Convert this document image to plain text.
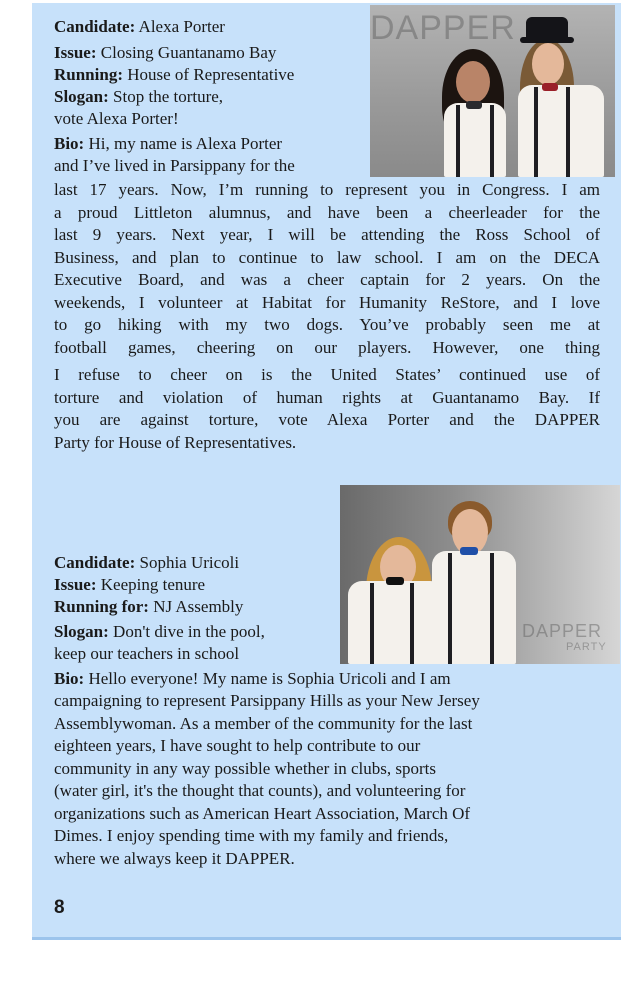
DAPPER

Candidate: Alexa Porter

Issue: Closing Guantanamo Bay

Running: House of Representative

Slogan: Stop the torture,

vote Alexa Porter!

Bio: Hi, my name is Alexa Porter

and I’ve lived in Parsippany for the

last 17 years. Now, I’m running to represent you in Congress. I am
a proud Littleton alumnus, and have been a cheerleader for the
last 9 years. Next year, I will be attending the Ross School of
Business, and plan to continue to law school. I am on the DECA
Executive Board, and was a cheer captain for 2 years. On the
weekends, I volunteer at Habitat for Humanity ReStore, and I love
to go hiking with my two dogs. You’ve probably seen me at
football games, cheering on our players. However, one thing
I refuse to cheer on is the United States’ continued use of
torture and violation of human rights at Guantanamo Bay. If
you are against torture, vote Alexa Porter and the DAPPER
Party for House of Representatives.
DAPPER
PARTY

Candidate: Sophia Uricoli

Issue: Keeping tenure

Running for: NJ Assembly

Slogan: Don't dive in the pool,

keep our teachers in school

Bio: Hello everyone! My name is Sophia Uricoli and I am

campaigning to represent Parsippany Hills as your New Jersey
Assemblywoman. As a member of the community for the last
eighteen years, I have sought to help contribute to our
community in any way possible whether in clubs, sports
(water girl, it's the thought that counts), and volunteering for
organizations such as American Heart Association, March Of
Dimes. I enjoy spending time with my family and friends,
where we always keep it DAPPER.

8
